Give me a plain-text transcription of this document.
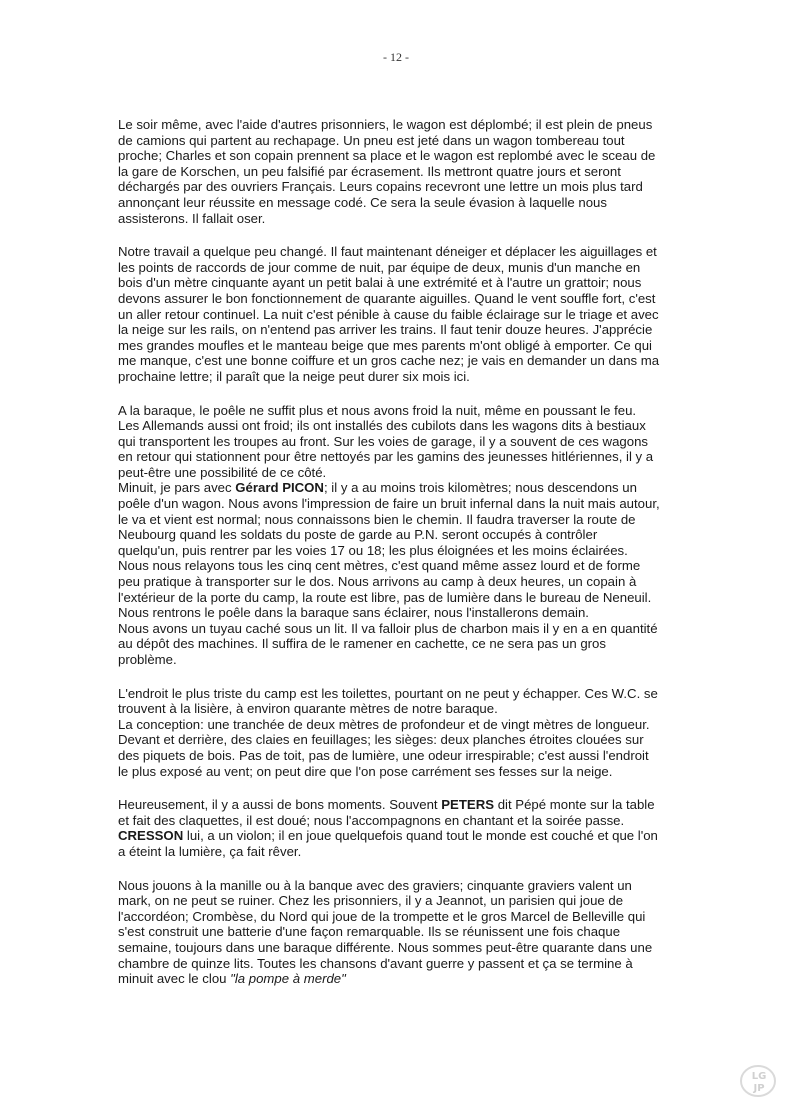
- 12 -

Le soir même, avec l'aide d'autres prisonniers, le wagon est déplombé; il est plein de pneus
de camions qui partent au rechapage. Un pneu est jeté dans un wagon tombereau tout
proche; Charles et son copain prennent sa place et le wagon est replombé avec le sceau de
la gare de Korschen, un peu falsifié par écrasement. Ils mettront quatre jours et seront
déchargés par des ouvriers Français. Leurs copains recevront une lettre un mois plus tard
annonçant leur réussite en message codé. Ce sera la seule évasion à laquelle nous
assisterons. Il fallait oser.

Notre travail a quelque peu changé. Il faut maintenant déneiger et déplacer les aiguillages et
les points de raccords de jour comme de nuit, par équipe de deux, munis d'un manche en
bois d'un mètre cinquante ayant un petit balai à une extrémité et à l'autre un grattoir; nous
devons assurer le bon fonctionnement de quarante aiguilles. Quand le vent souffle fort, c'est
un aller retour continuel. La nuit c'est pénible à cause du faible éclairage sur le triage et avec
la neige sur les rails, on n'entend pas arriver les trains. Il faut tenir douze heures. J'apprécie
mes grandes moufles et le manteau beige que mes parents m'ont obligé à emporter. Ce qui
me manque, c'est une bonne coiffure et un gros cache nez; je vais en demander un dans ma
prochaine lettre; il paraît que la neige peut durer six mois ici.

A la baraque, le poêle ne suffit plus et nous avons froid la nuit, même en poussant le feu.
Les Allemands aussi ont froid; ils ont installés des cubilots dans les wagons dits à bestiaux
qui transportent les troupes au front. Sur les voies de garage, il y a souvent de ces wagons
en retour qui stationnent pour être nettoyés par les gamins des jeunesses hitlériennes, il y a
peut-être une possibilité de ce côté.

Minuit, je pars avec Gérard PICON; il y a au moins trois kilomètres; nous descendons un
poêle d'un wagon. Nous avons l'impression de faire un bruit infernal dans la nuit mais autour,
le va et vient est normal; nous connaissons bien le chemin. Il faudra traverser la route de
Neubourg quand les soldats du poste de garde au P.N. seront occupés à contrôler
quelqu'un, puis rentrer par les voies 17 ou 18; les plus éloignées et les moins éclairées.
Nous nous relayons tous les cinq cent mètres, c'est quand même assez lourd et de forme
peu pratique à transporter sur le dos. Nous arrivons au camp à deux heures, un copain à
l'extérieur de la porte du camp, la route est libre, pas de lumière dans le bureau de Neneuil.
Nous rentrons le poêle dans la baraque sans éclairer, nous l'installerons demain.
Nous avons un tuyau caché sous un lit. Il va falloir plus de charbon mais il y en a en quantité
au dépôt des machines. Il suffira de le ramener en cachette, ce ne sera pas un gros
problème.

L'endroit le plus triste du camp est les toilettes, pourtant on ne peut y échapper. Ces W.C. se
trouvent à la lisière, à environ quarante mètres de notre baraque.
La conception: une tranchée de deux mètres de profondeur et de vingt mètres de longueur.
Devant et derrière, des claies en feuillages; les sièges: deux planches étroites clouées sur
des piquets de bois. Pas de toit, pas de lumière, une odeur irrespirable; c'est aussi l'endroit
le plus exposé au vent; on peut dire que l'on pose carrément ses fesses sur la neige.

Heureusement, il y a aussi de bons moments. Souvent PETERS dit Pépé monte sur la table
et fait des claquettes, il est doué; nous l'accompagnons en chantant et la soirée passe.
CRESSON lui, a un violon; il en joue quelquefois quand tout le monde est couché et que l'on
a éteint la lumière, ça fait rêver.

Nous jouons à la manille ou à la banque avec des graviers; cinquante graviers valent un
mark, on ne peut se ruiner. Chez les prisonniers, il y a Jeannot, un parisien qui joue de
l'accordéon; Crombèse, du Nord qui joue de la trompette et le gros Marcel de Belleville qui
s'est construit une batterie d'une façon remarquable. Ils se réunissent une fois chaque
semaine, toujours dans une baraque différente. Nous sommes peut-être quarante dans une
chambre de quinze lits. Toutes les chansons d'avant guerre y passent et ça se termine à
minuit avec le clou "la pompe à merde"

LG
JP
